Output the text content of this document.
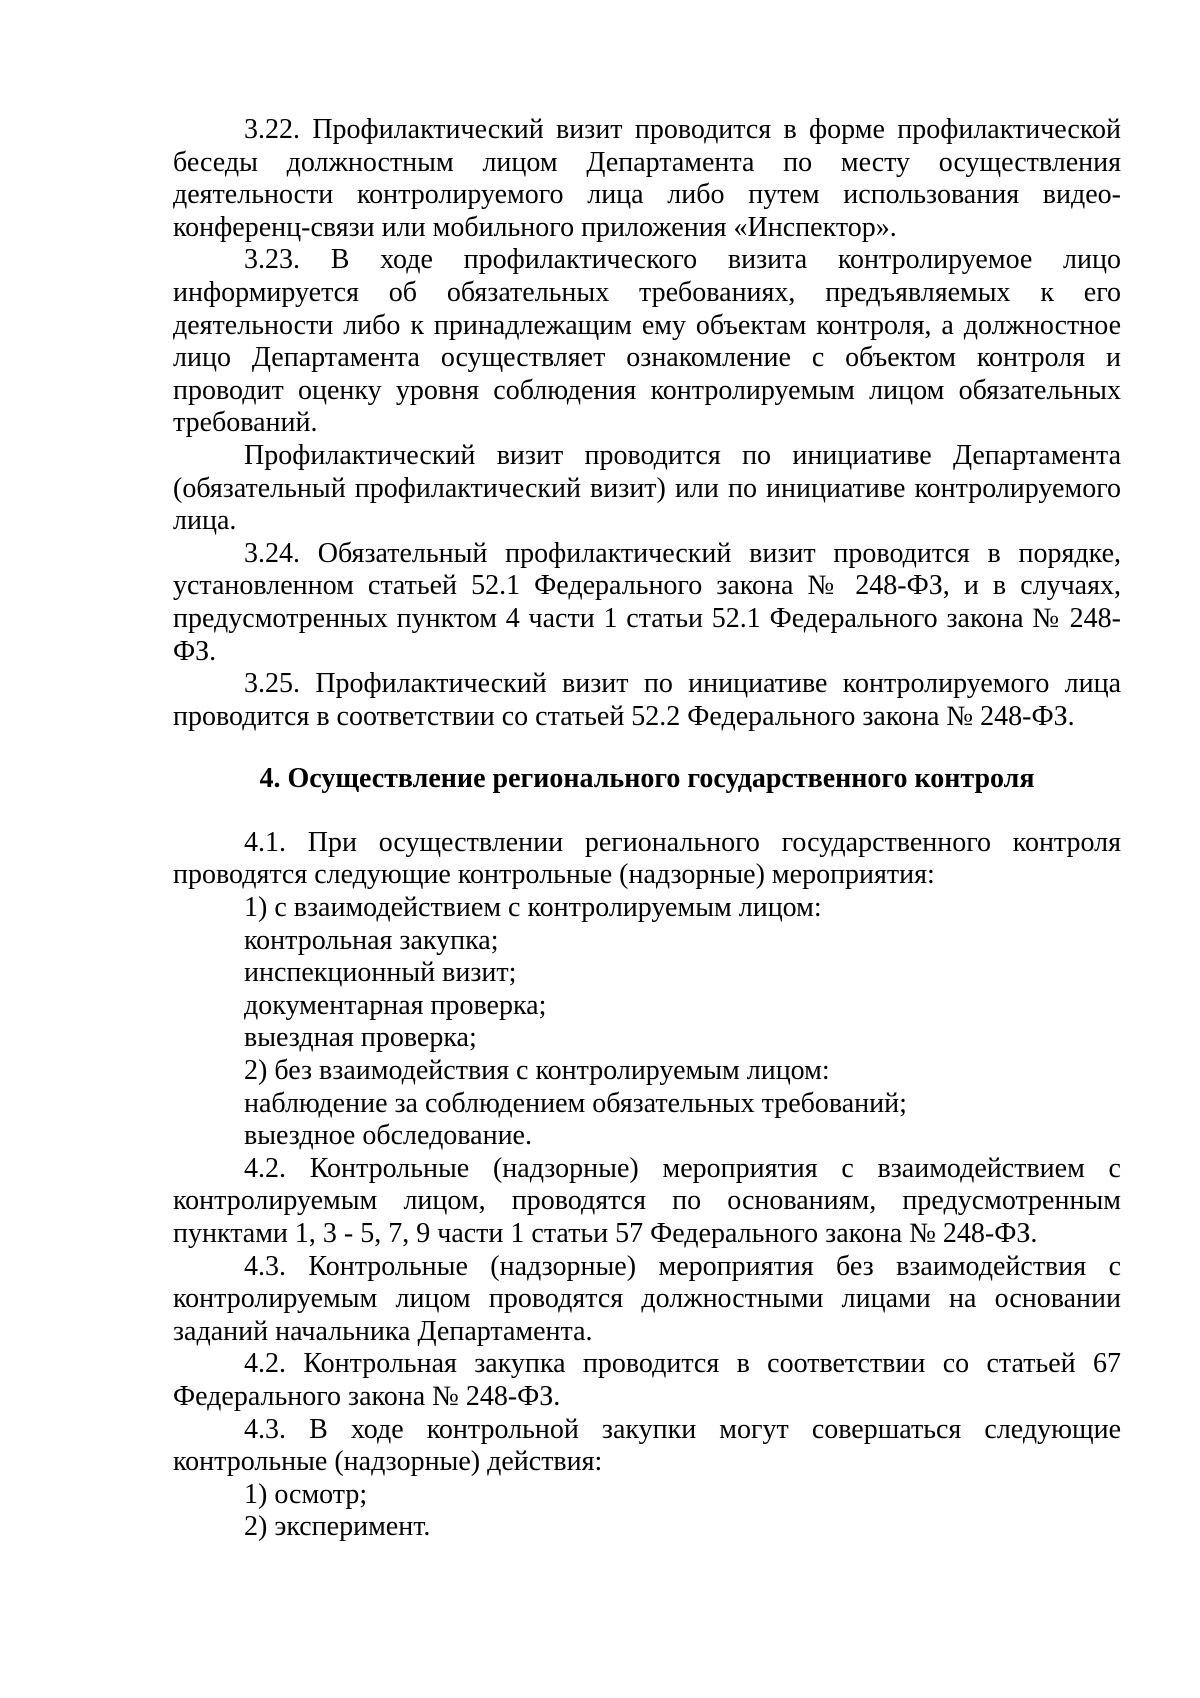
3.22. Профилактический визит проводится в форме профилактической беседы должностным лицом Департамента по месту осуществления деятельности контролируемого лица либо путем использования видео-конференц-связи или мобильного приложения «Инспектор».

3.23. В ходе профилактического визита контролируемое лицо информируется об обязательных требованиях, предъявляемых к его деятельности либо к принадлежащим ему объектам контроля, а должностное лицо Департамента осуществляет ознакомление с объектом контроля и проводит оценку уровня соблюдения контролируемым лицом обязательных требований.

Профилактический визит проводится по инициативе Департамента (обязательный профилактический визит) или по инициативе контролируемого лица.

3.24. Обязательный профилактический визит проводится в порядке, установленном статьей 52.1 Федерального закона № 248-ФЗ, и в случаях, предусмотренных пунктом 4 части 1 статьи 52.1 Федерального закона № 248-ФЗ.

3.25. Профилактический визит по инициативе контролируемого лица проводится в соответствии со статьей 52.2 Федерального закона № 248-ФЗ.

4. Осуществление регионального государственного контроля

4.1. При осуществлении регионального государственного контроля проводятся следующие контрольные (надзорные) мероприятия:

1) с взаимодействием с контролируемым лицом:

контрольная закупка;

инспекционный визит;

документарная проверка;

выездная проверка;

2) без взаимодействия с контролируемым лицом:

наблюдение за соблюдением обязательных требований;

выездное обследование.

4.2. Контрольные (надзорные) мероприятия с взаимодействием с контролируемым лицом, проводятся по основаниям, предусмотренным пунктами 1, 3 - 5, 7, 9 части 1 статьи 57 Федерального закона № 248-ФЗ.

4.3. Контрольные (надзорные) мероприятия без взаимодействия с контролируемым лицом проводятся должностными лицами на основании заданий начальника Департамента.

4.2. Контрольная закупка проводится в соответствии со статьей 67 Федерального закона № 248-ФЗ.

4.3. В ходе контрольной закупки могут совершаться следующие контрольные (надзорные) действия:

1) осмотр;

2) эксперимент.
